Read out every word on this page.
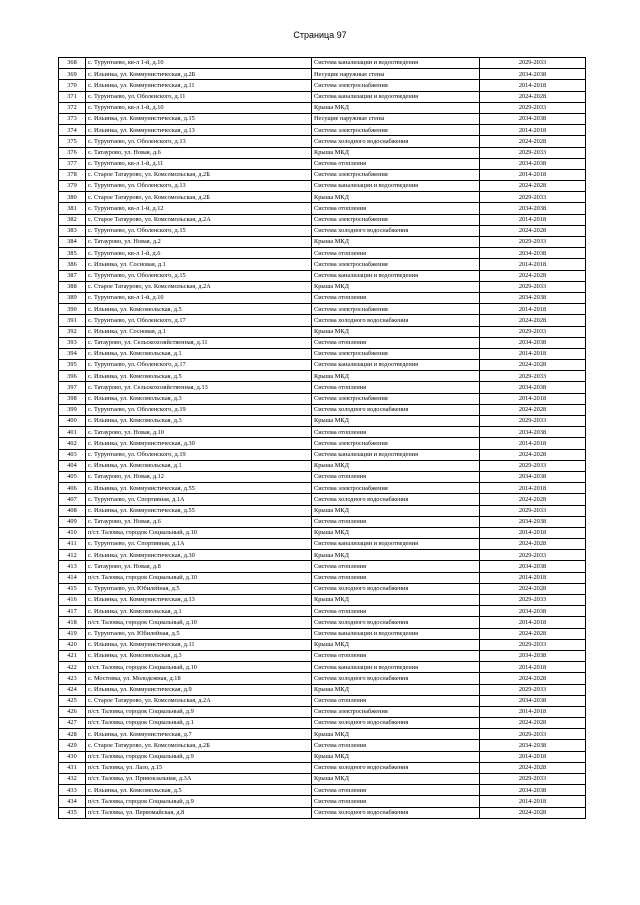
Страница 97
368	с. Турунтаево, кв-л 1-й, д.10	Система канализации и водоотведения	2029-2033
369	с. Ильинка, ул. Коммунистическая, д.2Б	Несущие наружные стены	2034-2038
370	с. Ильинка, ул. Коммунистическая, д.11	Система электроснабжения	2014-2018
371	с. Турунтаево, ул. Оболенского, д.11	Система канализации и водоотведения	2024-2028
372	с. Турунтаево, кв-л 1-й, д.10	Крыша МКД	2029-2033
373	с. Ильинка, ул. Коммунистическая, д.15	Несущие наружные стены	2034-2038
374	с. Ильинка, ул. Коммунистическая, д.13	Система электроснабжения	2014-2018
375	с. Турунтаево, ул. Оболенского, д.13	Система холодного водоснабжения	2024-2028
376	с. Татаурово, ул. Новая, д.6	Крыша МКД	2029-2033
377	с. Турунтаево, кв-л 1-й, д.11	Система отопления	2034-2038
378	с. Старое Татаурово, ул. Комсомольская, д.2Б	Система электроснабжения	2014-2018
379	с. Турунтаево, ул. Оболенского, д.13	Система канализации и водоотведения	2024-2028
380	с. Старое Татаурово, ул. Комсомольская, д.2Б	Крыша МКД	2029-2033
381	с. Турунтаево, кв-л 1-й, д.12	Система отопления	2034-2038
382	с. Старое Татаурово, ул. Комсомольская, д.2А	Система электроснабжения	2014-2018
383	с. Турунтаево, ул. Оболенского, д.15	Система холодного водоснабжения	2024-2028
384	с. Татаурово, ул. Новая, д.2	Крыша МКД	2029-2033
385	с. Турунтаево, кв-л 1-й, д.6	Система отопления	2034-2038
386	с. Ильинка, ул. Сосновая, д.1	Система электроснабжения	2014-2018
387	с. Турунтаево, ул. Оболенского, д.15	Система канализации и водоотведения	2024-2028
388	с. Старое Татаурово, ул. Комсомольская, д.2А	Крыша МКД	2029-2033
389	с. Турунтаево, кв-л 1-й, д.10	Система отопления	2034-2038
390	с. Ильинка, ул. Комсомольская, д.5	Система электроснабжения	2014-2018
391	с. Турунтаево, ул. Оболенского, д.17	Система холодного водоснабжения	2024-2028
392	с. Ильинка, ул. Сосновая, д.1	Крыша МКД	2029-2033
393	с. Татаурово, ул. Сельскохозяйственная, д.11	Система отопления	2034-2038
394	с. Ильинка, ул. Комсомольская, д.1	Система электроснабжения	2014-2018
395	с. Турунтаево, ул. Оболенского, д.17	Система канализации и водоотведения	2024-2028
396	с. Ильинка, ул. Комсомольская, д.5	Крыша МКД	2029-2033
397	с. Татаурово, ул. Сельскохозяйственная, д.13	Система отопления	2034-2038
398	с. Ильинка, ул. Комсомольская, д.3	Система электроснабжения	2014-2018
399	с. Турунтаево, ул. Оболенского, д.19	Система холодного водоснабжения	2024-2028
400	с. Ильинка, ул. Комсомольская, д.3	Крыша МКД	2029-2033
401	с. Татаурово, ул. Новая, д.10	Система отопления	2034-2038
402	с. Ильинка, ул. Коммунистическая, д.30	Система электроснабжения	2014-2018
403	с. Турунтаево, ул. Оболенского, д.19	Система канализации и водоотведения	2024-2028
404	с. Ильинка, ул. Комсомольская, д.1	Крыша МКД	2029-2033
405	с. Татаурово, ул. Новая, д.12	Система отопления	2034-2038
406	с. Ильинка, ул. Коммунистическая, д.55	Система электроснабжения	2014-2018
407	с. Турунтаево, ул. Спортивная, д.1А	Система холодного водоснабжения	2024-2028
408	с. Ильинка, ул. Коммунистическая, д.55	Крыша МКД	2029-2033
409	с. Татаурово, ул. Новая, д.6	Система отопления	2034-2038
410	п/ст. Таловка, городок Социальный, д.10	Крыша МКД	2014-2018
411	с. Турунтаево, ул. Спортивная, д.1А	Система канализации и водоотведения	2024-2028
412	с. Ильинка, ул. Коммунистическая, д.30	Крыша МКД	2029-2033
413	с. Татаурово, ул. Новая, д.8	Система отопления	2034-2038
414	п/ст. Таловка, городок Социальный, д.10	Система отопления	2014-2018
415	с. Турунтаево, ул. Юбилейная, д.5	Система холодного водоснабжения	2024-2028
416	с. Ильинка, ул. Коммунистическая, д.13	Крыша МКД	2029-2033
417	с. Ильинка, ул. Комсомольская, д.1	Система отопления	2034-2038
418	п/ст. Таловка, городок Социальный, д.10	Система холодного водоснабжения	2014-2018
419	с. Турунтаево, ул. Юбилейная, д.5	Система канализации и водоотведения	2024-2028
420	с. Ильинка, ул. Коммунистическая, д.11	Крыша МКД	2029-2033
421	с. Ильинка, ул. Комсомольская, д.3	Система отопления	2034-2038
422	п/ст. Таловка, городок Социальный, д.10	Система канализации и водоотведения	2014-2018
423	с. Мостовка, ул. Молодежная, д.18	Система холодного водоснабжения	2024-2028
424	с. Ильинка, ул. Коммунистическая, д.9	Крыша МКД	2029-2033
425	с. Старое Татаурово, ул. Комсомольская, д.2А	Система отопления	2034-2038
426	п/ст. Таловка, городок Социальный, д.9	Система электроснабжения	2014-2018
427	п/ст. Таловка, городок Социальный, д.1	Система холодного водоснабжения	2024-2028
428	с. Ильинка, ул. Коммунистическая, д.7	Крыша МКД	2029-2033
429	с. Старое Татаурово, ул. Комсомольская, д.2Б	Система отопления	2034-2038
430	п/ст. Таловка, городок Социальный, д.9	Крыша МКД	2014-2018
431	п/ст. Таловка, ул. Лазо, д.15	Система холодного водоснабжения	2024-2028
432	п/ст. Таловка, ул. Привокзальная, д.3А	Крыша МКД	2029-2033
433	с. Ильинка, ул. Комсомольская, д.5	Система отопления	2034-2038
434	п/ст. Таловка, городок Социальный, д.9	Система отопления	2014-2018
435	п/ст. Таловка, ул. Первомайская, д.8	Система холодного водоснабжения	2024-2028
